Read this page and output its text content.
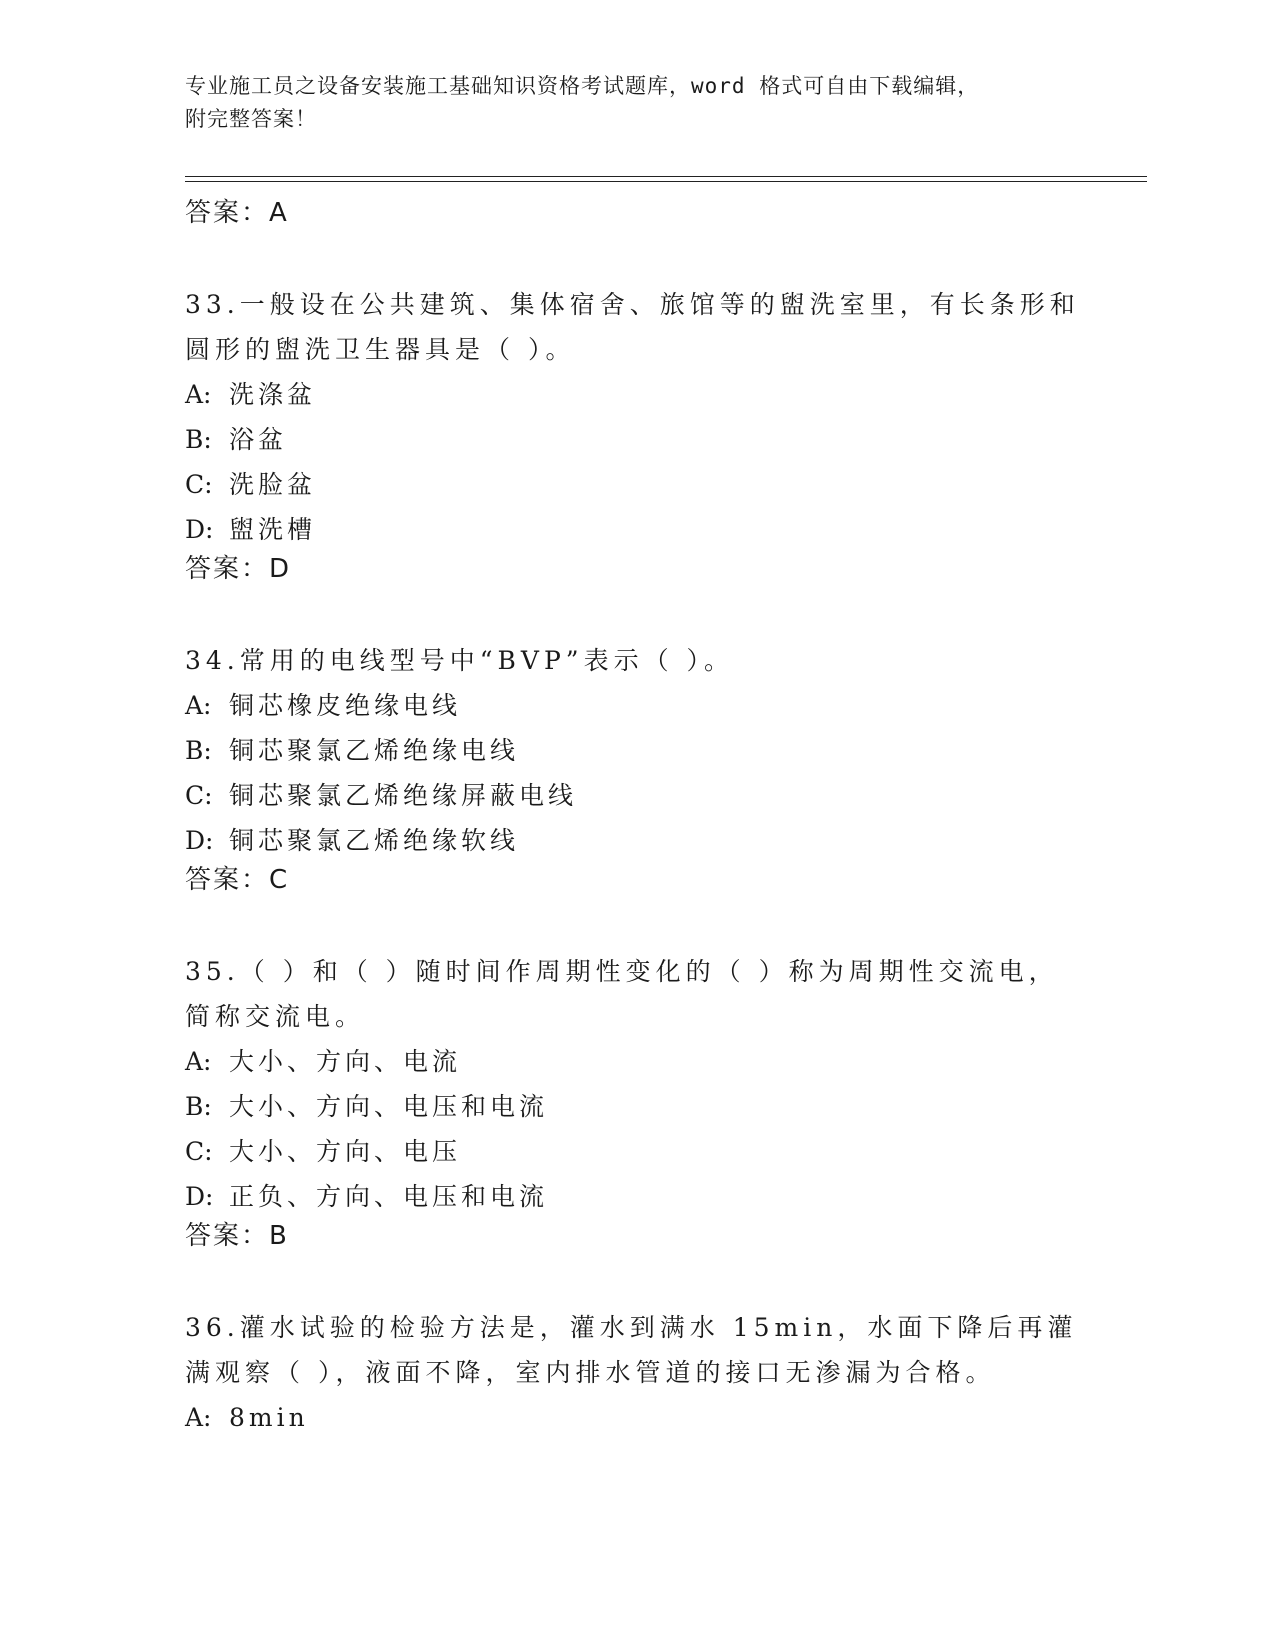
专业施工员之设备安装施工基础知识资格考试题库，word 格式可自由下载编辑，
附完整答案！
答案：A
33.一般设在公共建筑、集体宿舍、旅馆等的盥洗室里，有长条形和圆形的盥洗卫生器具是（ ）。
A: 洗涤盆
B: 浴盆
C: 洗脸盆
D: 盥洗槽
答案：D
34.常用的电线型号中“BVP”表示（ ）。
A: 铜芯橡皮绝缘电线
B: 铜芯聚氯乙烯绝缘电线
C: 铜芯聚氯乙烯绝缘屏蔽电线
D: 铜芯聚氯乙烯绝缘软线
答案：C
35.（ ）和（ ）随时间作周期性变化的（ ）称为周期性交流电，简称交流电。
A: 大小、方向、电流
B: 大小、方向、电压和电流
C: 大小、方向、电压
D: 正负、方向、电压和电流
答案：B
36.灌水试验的检验方法是，灌水到满水 15min，水面下降后再灌满观察（ ），液面不降，室内排水管道的接口无渗漏为合格。
A: 8min
